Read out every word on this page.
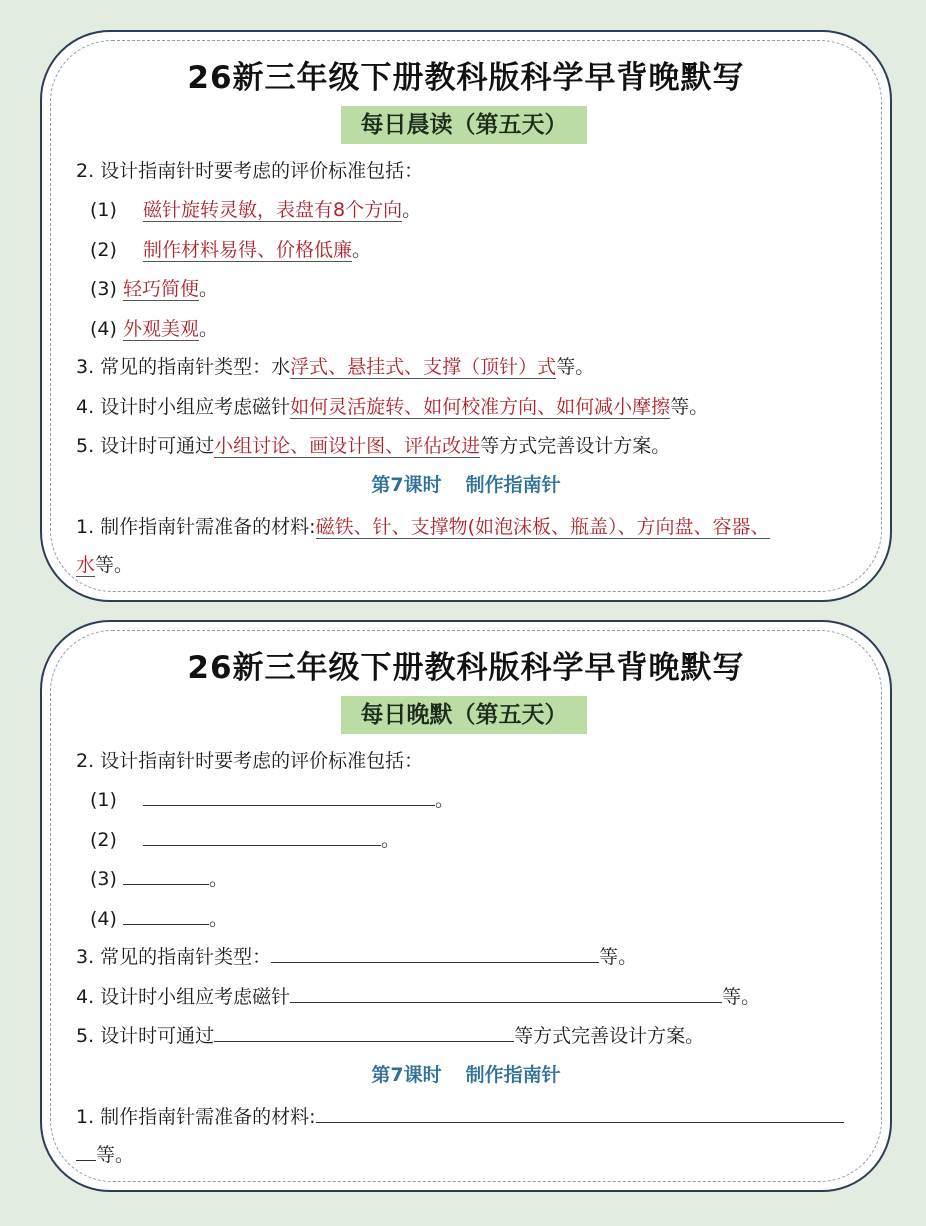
26新三年级下册教科版科学早背晚默写
每日晨读（第五天）
2. 设计指南针时要考虑的评价标准包括：
(1) 磁针旋转灵敏，表盘有8个方向。
(2) 制作材料易得、价格低廉。
(3) 轻巧简便。
(4) 外观美观。
3. 常见的指南针类型：水浮式、悬挂式、支撑（顶针）式等。
4. 设计时小组应考虑磁针如何灵活旋转、如何校准方向、如何减小摩擦等。
5. 设计时可通过小组讨论、画设计图、评估改进等方式完善设计方案。
第7课时 制作指南针
1. 制作指南针需准备的材料:磁铁、针、支撑物(如泡沫板、瓶盖）、方向盘、容器、
水等。
26新三年级下册教科版科学早背晚默写
每日晚默（第五天）
2. 设计指南针时要考虑的评价标准包括：
(1)	。
(2)	。
(3)	。
(4)	。
3. 常见的指南针类型：	等。
4. 设计时小组应考虑磁针	等。
5. 设计时可通过	等方式完善设计方案。
第7课时 制作指南针
1. 制作指南针需准备的材料:
等。
